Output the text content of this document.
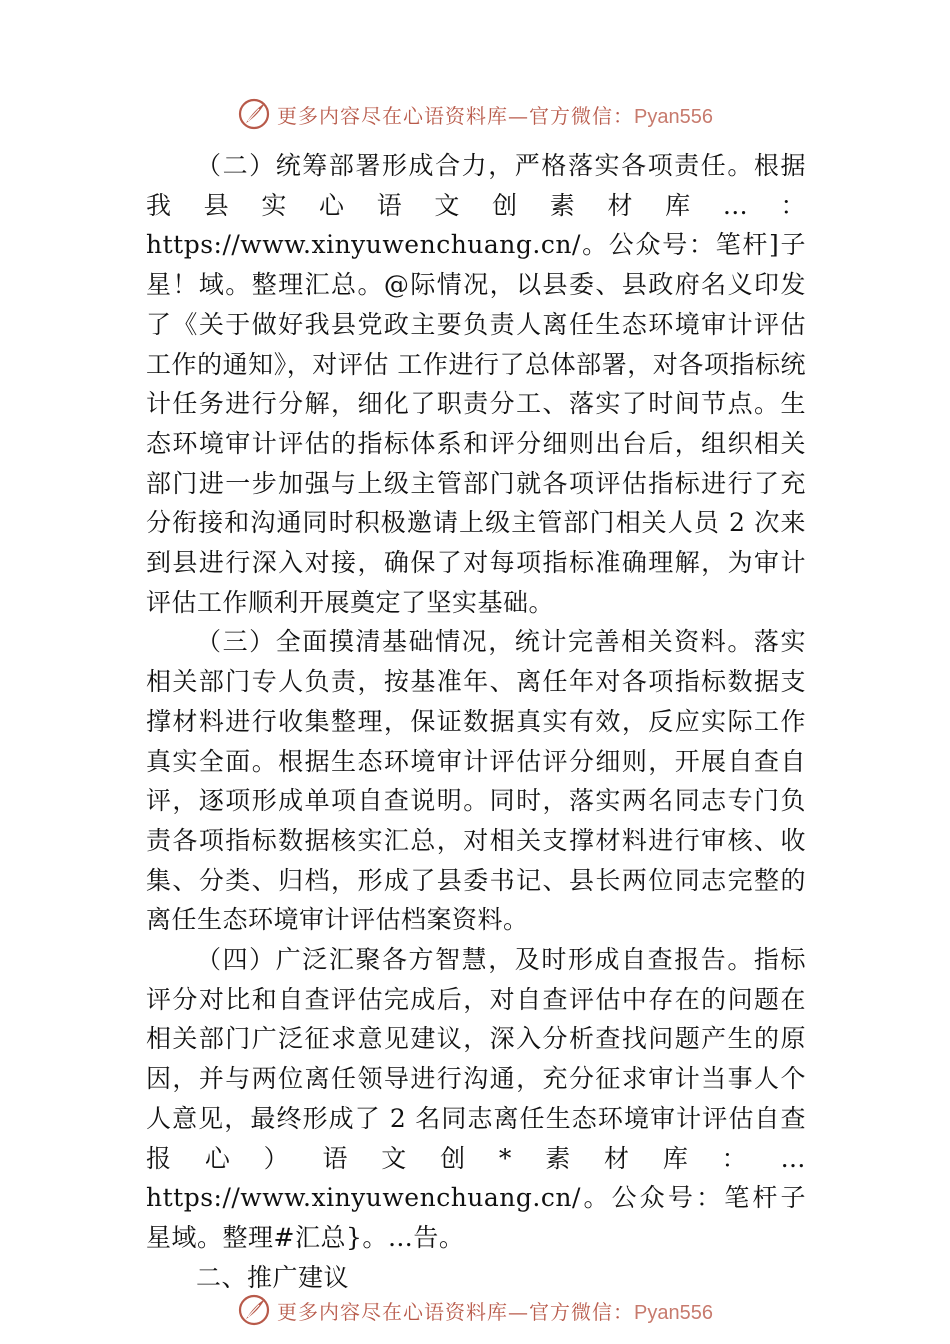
更多内容尽在心语资料库—官方微信：Pyan556

（二）统筹部署形成合力，严格落实各项责任。根据我县实心语文创素材库…：https://www.xinyuwenchuang.cn/。公众号：笔杆]子星！域。整理汇总。@际情况，以县委、县政府名义印发了《关于做好我县党政主要负责人离任生态环境审计评估工作的通知》，对评估 工作进行了总体部署，对各项指标统计任务进行分解，细化了职责分工、落实了时间节点。生态环境审计评估的指标体系和评分细则出台后，组织相关部门进一步加强与上级主管部门就各项评估指标进行了充分衔接和沟通同时积极邀请上级主管部门相关人员 2 次来到县进行深入对接，确保了对每项指标准确理解，为审计评估工作顺利开展奠定了坚实基础。

（三）全面摸清基础情况，统计完善相关资料。落实相关部门专人负责，按基准年、离任年对各项指标数据支撑材料进行收集整理，保证数据真实有效，反应实际工作真实全面。根据生态环境审计评估评分细则，开展自查自评，逐项形成单项自查说明。同时，落实两名同志专门负责各项指标数据核实汇总，对相关支撑材料进行审核、收集、分类、归档，形成了县委书记、县长两位同志完整的离任生态环境审计评估档案资料。

（四）广泛汇聚各方智慧，及时形成自查报告。指标评分对比和自查评估完成后，对自查评估中存在的问题在相关部门广泛征求意见建议，深入分析查找问题产生的原因，并与两位离任领导进行沟通，充分征求审计当事人个人意见，最终形成了 2 名同志离任生态环境审计评估自查报心）语文创*素材库：…https://www.xinyuwenchuang.cn/。公众号：笔杆子星域。整理#汇总}。…告。

二、推广建议

更多内容尽在心语资料库—官方微信：Pyan556
